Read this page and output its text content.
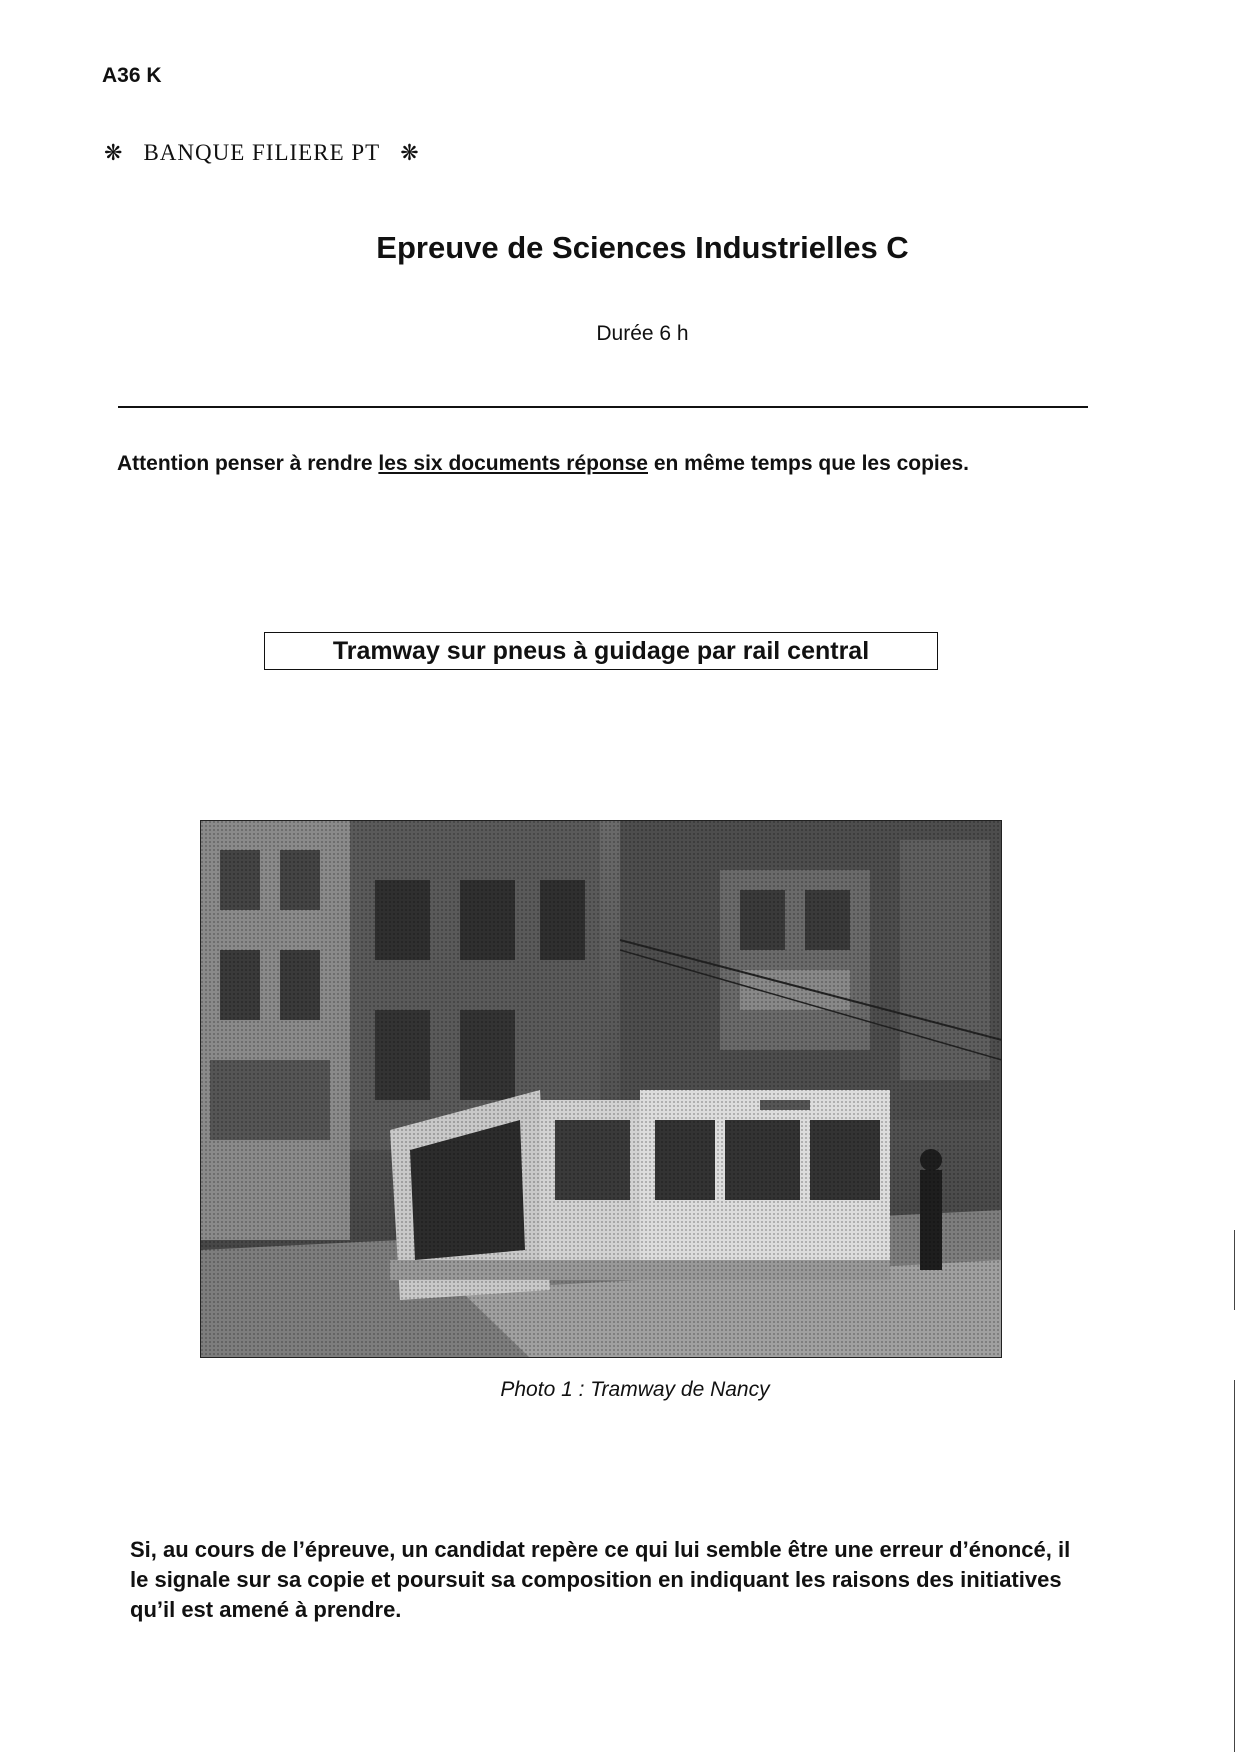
A36 K
❋ BANQUE FILIERE PT ❋
Epreuve de Sciences Industrielles C
Durée 6 h
Attention penser à rendre les six documents réponse en même temps que les copies.
Tramway sur pneus à guidage par rail central
Photo 1 : Tramway de Nancy
Si, au cours de l’épreuve, un candidat repère ce qui lui semble être une erreur d’énoncé, il le signale sur sa copie et poursuit sa composition en indiquant les raisons des initiatives qu’il est amené à prendre.
